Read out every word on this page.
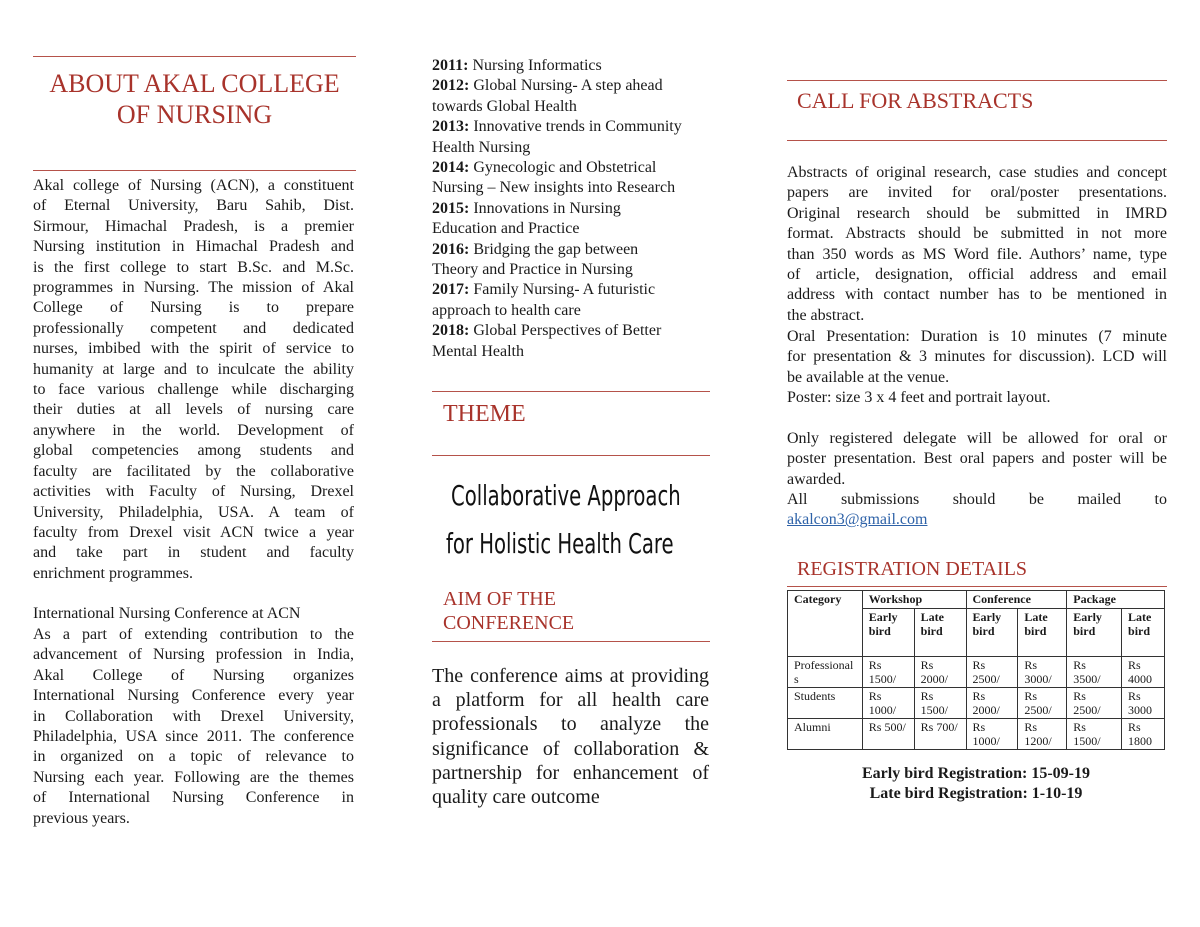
ABOUT AKAL COLLEGE
OF NURSING
Akal college of Nursing (ACN), a constituent
of Eternal University, Baru Sahib, Dist.
Sirmour, Himachal Pradesh, is a premier
Nursing institution in Himachal Pradesh and
is the first college to start B.Sc. and M.Sc.
programmes in Nursing. The mission of Akal
College of Nursing is to prepare
professionally competent and dedicated
nurses, imbibed with the spirit of service to
humanity at large and to inculcate the ability
to face various challenge while discharging
their duties at all levels of nursing care
anywhere in the world. Development of
global competencies among students and
faculty are facilitated by the collaborative
activities with Faculty of Nursing, Drexel
University, Philadelphia, USA. A team of
faculty from Drexel visit ACN twice a year
and take part in student and faculty
enrichment programmes.
International Nursing Conference at ACN
As a part of extending contribution to the
advancement of Nursing profession in India,
Akal College of Nursing organizes
International Nursing Conference every year
in Collaboration with Drexel University,
Philadelphia, USA since 2011. The conference
in organized on a topic of relevance to
Nursing each year. Following are the themes
of International Nursing Conference in
previous years.
2011: Nursing Informatics
2012: Global Nursing- A step ahead
towards Global Health
2013: Innovative trends in Community
Health Nursing
2014: Gynecologic and Obstetrical
Nursing – New insights into Research
2015: Innovations in Nursing
Education and Practice
2016: Bridging the gap between
Theory and Practice in Nursing
2017: Family Nursing- A futuristic
approach to health care
2018: Global Perspectives of Better
Mental Health
THEME
Collaborative Approach
for Holistic Health Care
AIM OF THE
CONFERENCE
The conference aims at providing
a platform for all health care
professionals to analyze the
significance of collaboration &
partnership for enhancement of
quality care outcome
CALL FOR ABSTRACTS
Abstracts of original research, case studies and concept
papers are invited for oral/poster presentations.
Original research should be submitted in IMRD
format. Abstracts should be submitted in not more
than 350 words as MS Word file. Authors’ name, type
of article, designation, official address and email
address with contact number has to be mentioned in
the abstract.
Oral Presentation: Duration is 10 minutes (7 minute
for presentation & 3 minutes for discussion). LCD will
be available at the venue.
Poster: size 3 x 4 feet and portrait layout.
Only registered delegate will be allowed for oral or
poster presentation. Best oral papers and poster will be
awarded.
All submissions should be mailed to
akalcon3@gmail.com
REGISTRATION DETAILS
Category	Workshop		Conference		Package	
	Early bird	Late bird	Early bird	Late bird	Early bird	Late bird
Professionals	Rs 1500/	Rs 2000/	Rs 2500/	Rs 3000/	Rs 3500/	Rs 4000
Students	Rs 1000/	Rs 1500/	Rs 2000/	Rs 2500/	Rs 2500/	Rs 3000
Alumni	Rs 500/	Rs 700/	Rs 1000/	Rs 1200/	Rs 1500/	Rs 1800
Early bird Registration: 15-09-19
Late bird Registration: 1-10-19
